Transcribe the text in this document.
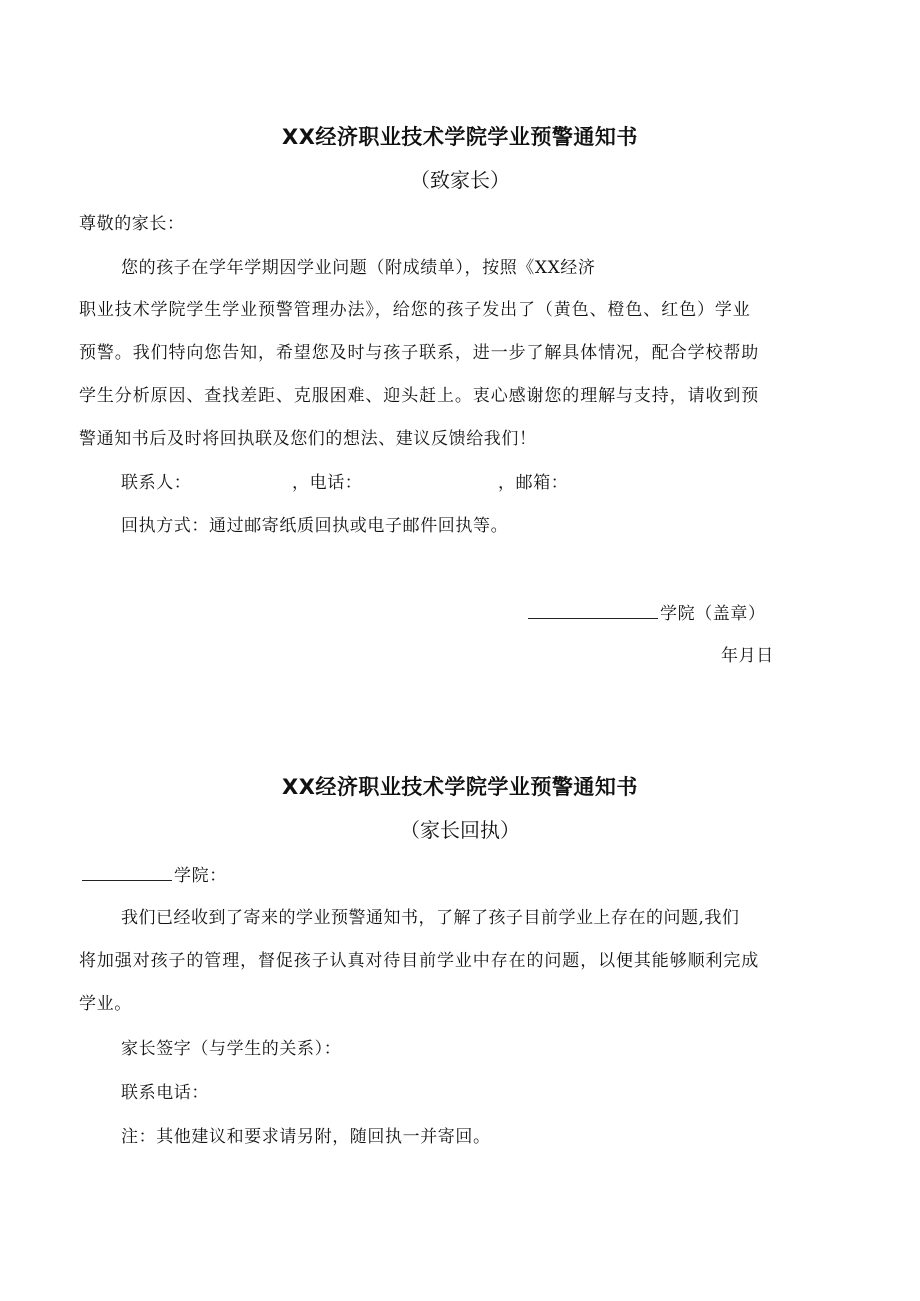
XX经济职业技术学院学业预警通知书
（致家长）
尊敬的家长：
您的孩子在学年学期因学业问题（附成绩单），按照《XX经济
职业技术学院学生学业预警管理办法》，给您的孩子发出了（黄色、橙色、红色）学业
预警。我们特向您告知，希望您及时与孩子联系，进一步了解具体情况，配合学校帮助
学生分析原因、查找差距、克服困难、迎头赶上。衷心感谢您的理解与支持，请收到预
警通知书后及时将回执联及您们的想法、建议反馈给我们！
联系人：	，电话：	，邮箱：
回执方式：通过邮寄纸质回执或电子邮件回执等。
学院（盖章）
年月日
XX经济职业技术学院学业预警通知书
（家长回执）
学院：
我们已经收到了寄来的学业预警通知书，了解了孩子目前学业上存在的问题,我们
将加强对孩子的管理，督促孩子认真对待目前学业中存在的问题，以便其能够顺利完成
学业。
家长签字（与学生的关系）：
联系电话：
注：其他建议和要求请另附，随回执一并寄回。
